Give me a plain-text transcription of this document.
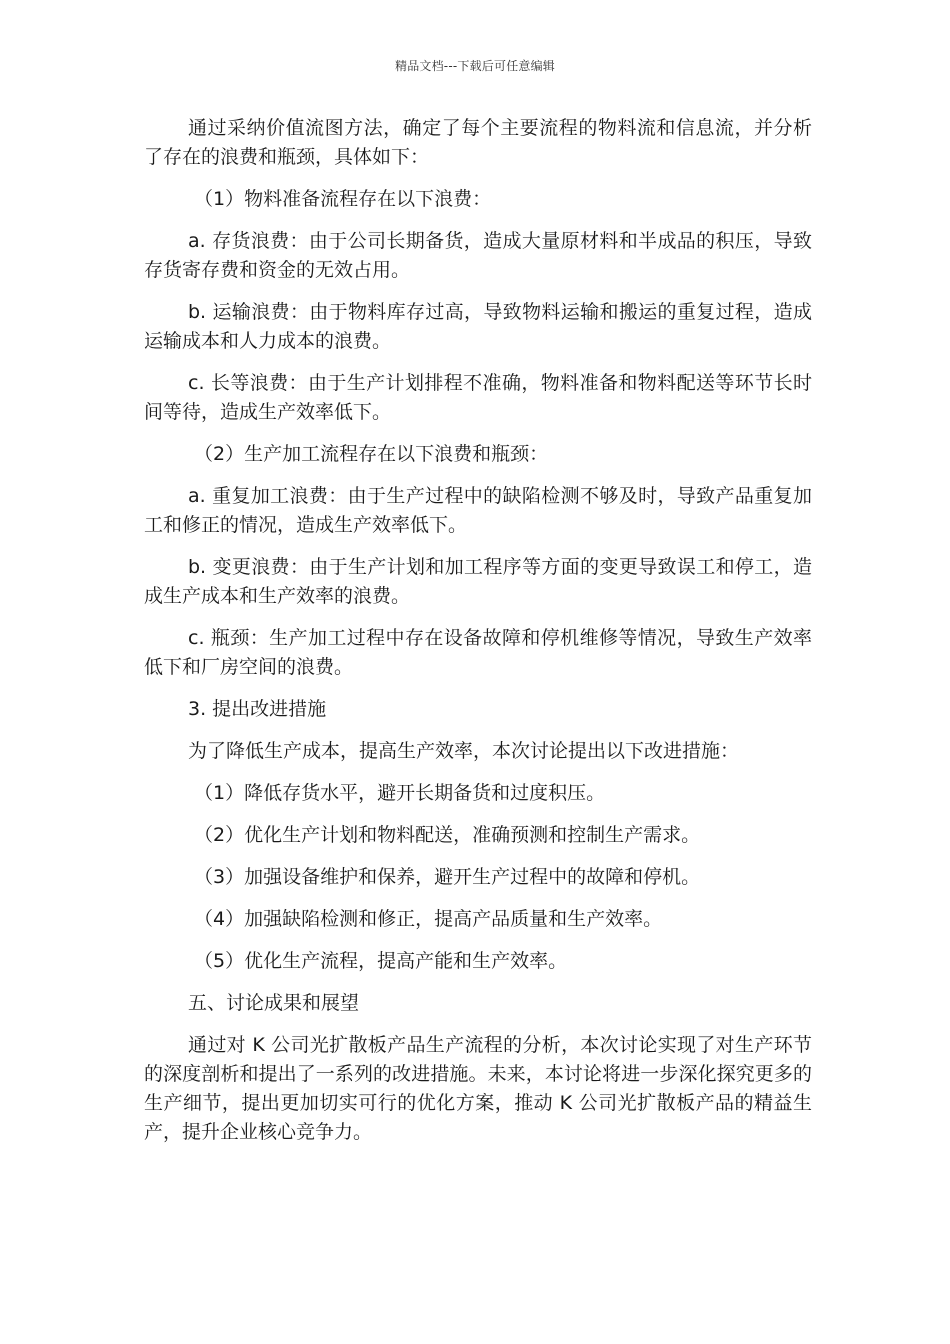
精品文档---下载后可任意编辑

通过采纳价值流图方法，确定了每个主要流程的物料流和信息流，并分析了存在的浪费和瓶颈，具体如下：

（1）物料准备流程存在以下浪费：

a. 存货浪费：由于公司长期备货，造成大量原材料和半成品的积压，导致存货寄存费和资金的无效占用。

b. 运输浪费：由于物料库存过高，导致物料运输和搬运的重复过程，造成运输成本和人力成本的浪费。

c. 长等浪费：由于生产计划排程不准确，物料准备和物料配送等环节长时间等待，造成生产效率低下。

（2）生产加工流程存在以下浪费和瓶颈：

a. 重复加工浪费：由于生产过程中的缺陷检测不够及时，导致产品重复加工和修正的情况，造成生产效率低下。

b. 变更浪费：由于生产计划和加工程序等方面的变更导致误工和停工，造成生产成本和生产效率的浪费。

c. 瓶颈：生产加工过程中存在设备故障和停机维修等情况，导致生产效率低下和厂房空间的浪费。

3. 提出改进措施

为了降低生产成本，提高生产效率，本次讨论提出以下改进措施：

（1）降低存货水平，避开长期备货和过度积压。

（2）优化生产计划和物料配送，准确预测和控制生产需求。

（3）加强设备维护和保养，避开生产过程中的故障和停机。

（4）加强缺陷检测和修正，提高产品质量和生产效率。

（5）优化生产流程，提高产能和生产效率。

五、讨论成果和展望

通过对 K 公司光扩散板产品生产流程的分析，本次讨论实现了对生产环节的深度剖析和提出了一系列的改进措施。未来，本讨论将进一步深化探究更多的生产细节，提出更加切实可行的优化方案，推动 K 公司光扩散板产品的精益生产，提升企业核心竞争力。
